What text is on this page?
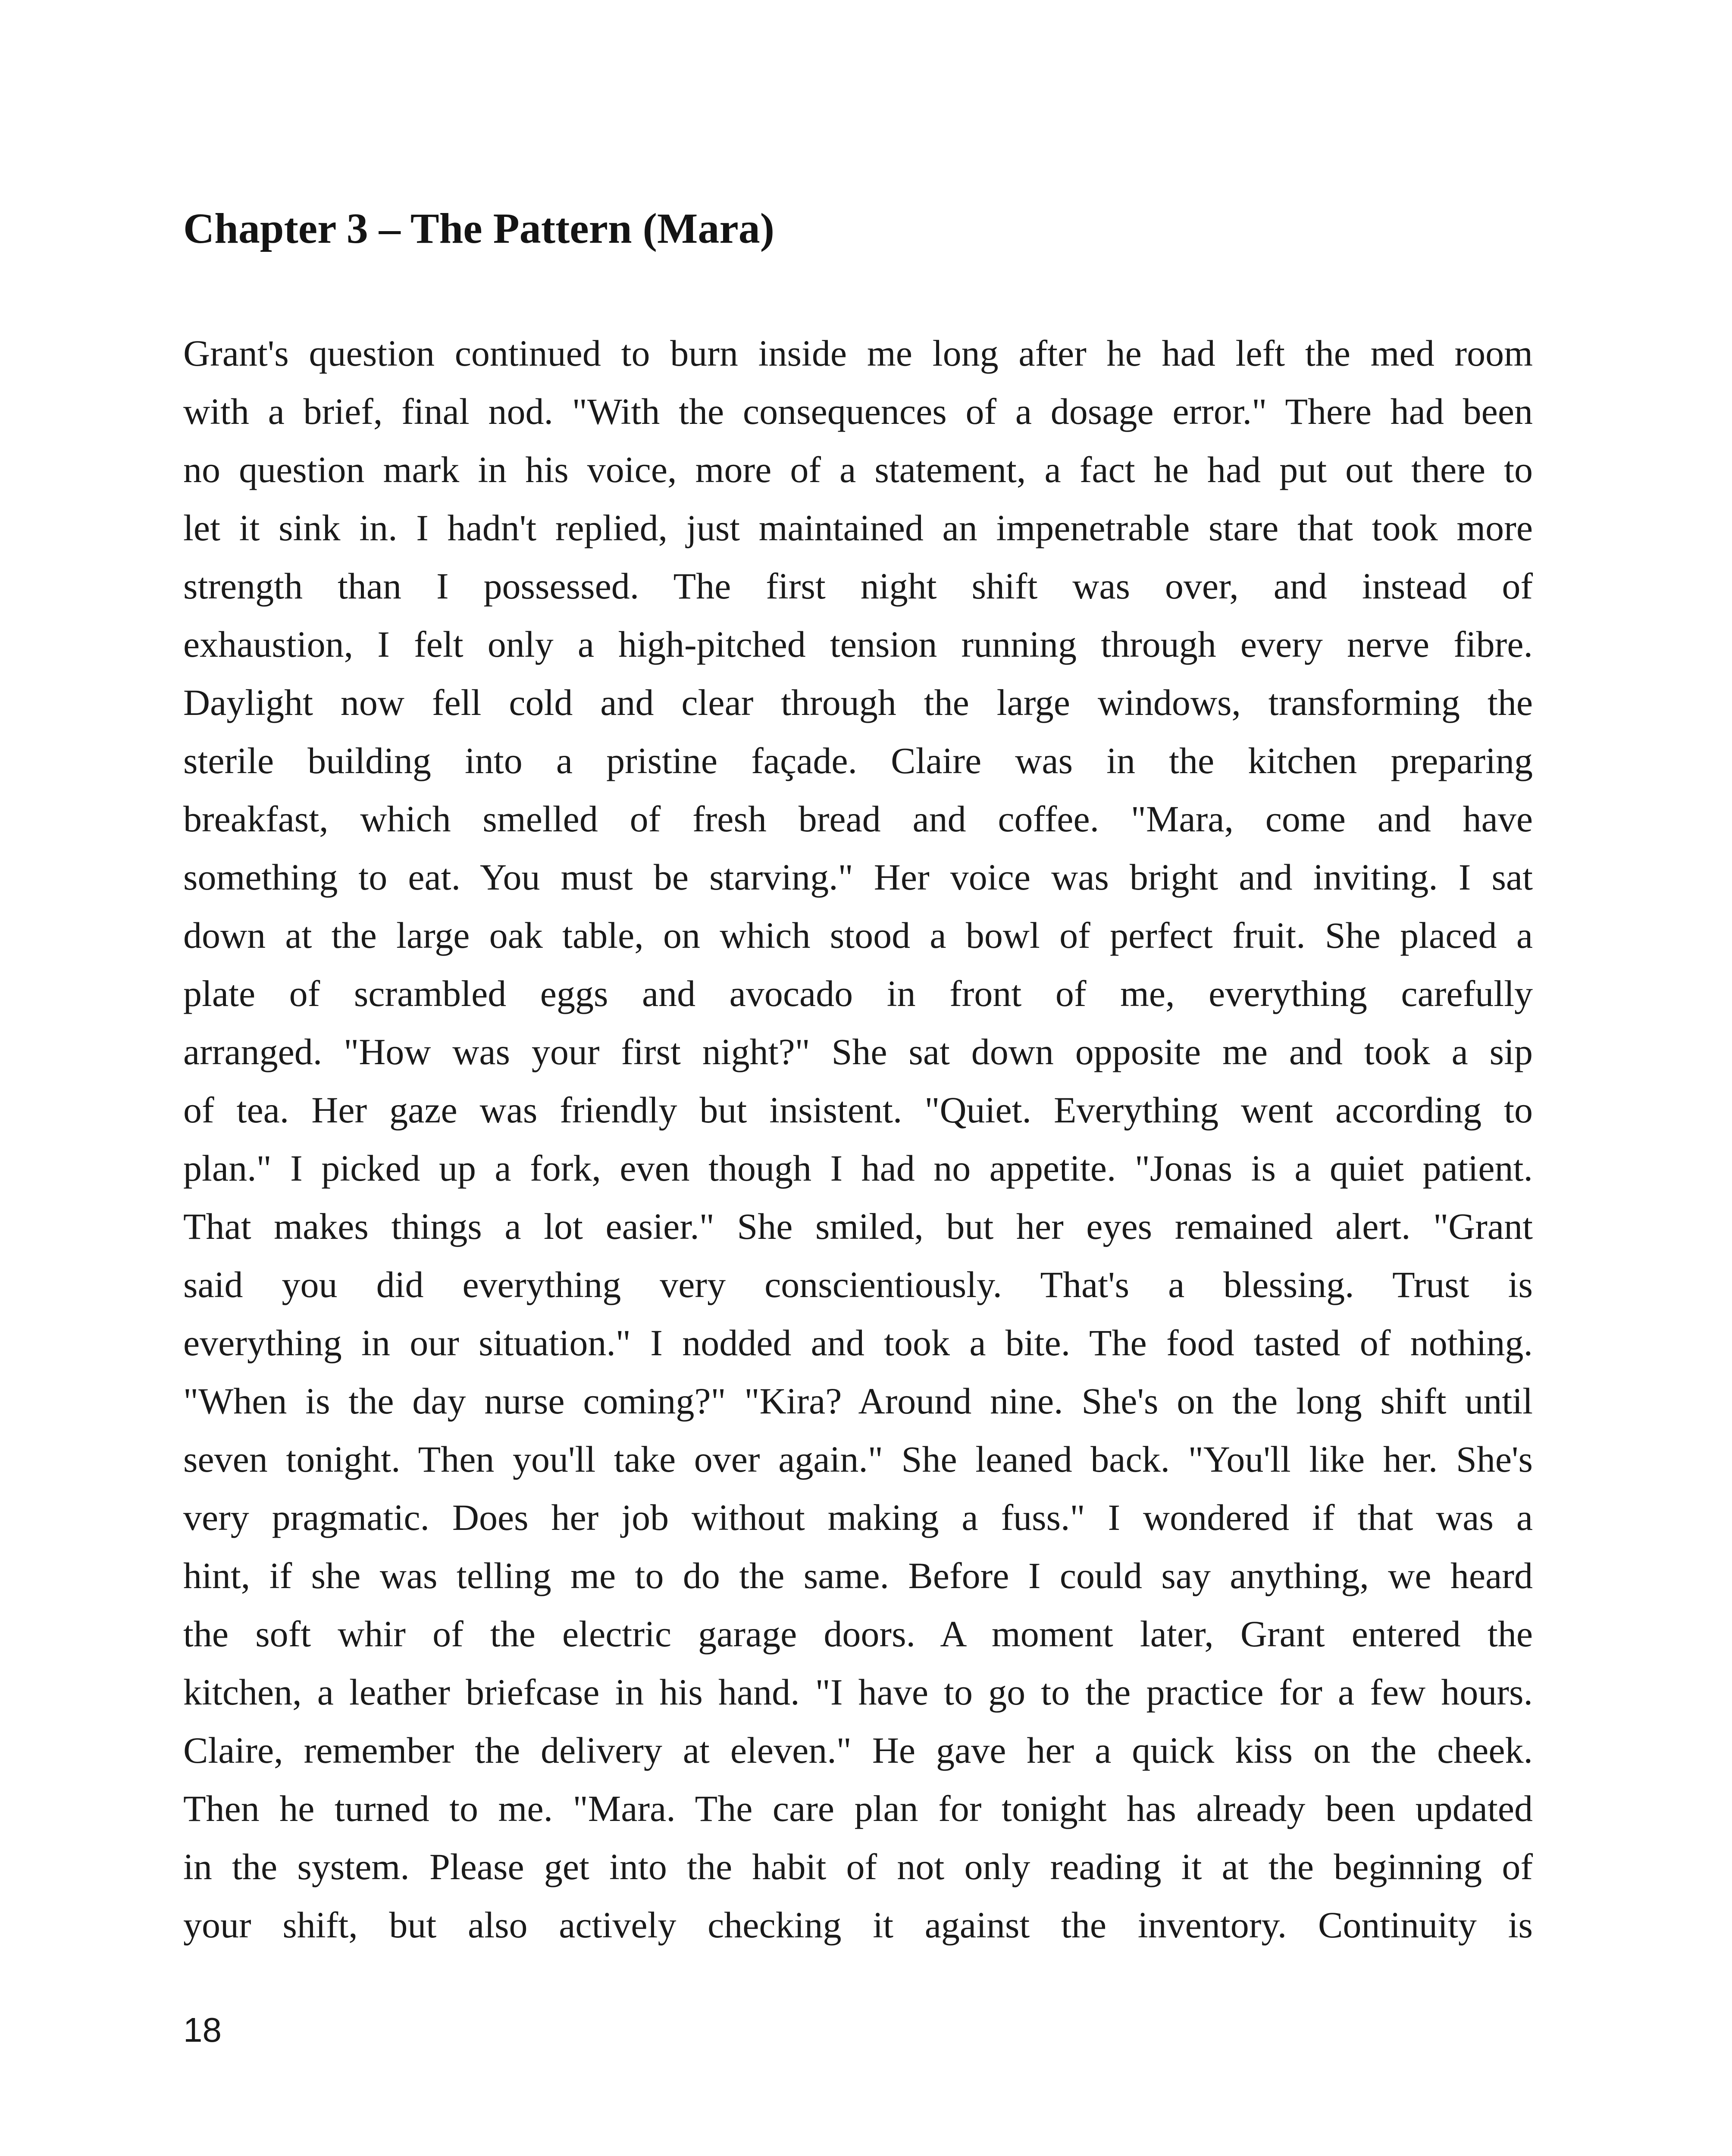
Chapter 3 – The Pattern (Mara)
Grant's question continued to burn inside me long after he had left the med room
with a brief, final nod. "With the consequences of a dosage error." There had been
no question mark in his voice, more of a statement, a fact he had put out there to
let it sink in. I hadn't replied, just maintained an impenetrable stare that took more
strength than I possessed. The first night shift was over, and instead of
exhaustion, I felt only a high-pitched tension running through every nerve fibre.
Daylight now fell cold and clear through the large windows, transforming the
sterile building into a pristine façade. Claire was in the kitchen preparing
breakfast, which smelled of fresh bread and coffee. "Mara, come and have
something to eat. You must be starving." Her voice was bright and inviting. I sat
down at the large oak table, on which stood a bowl of perfect fruit. She placed a
plate of scrambled eggs and avocado in front of me, everything carefully
arranged. "How was your first night?" She sat down opposite me and took a sip
of tea. Her gaze was friendly but insistent. "Quiet. Everything went according to
plan." I picked up a fork, even though I had no appetite. "Jonas is a quiet patient.
That makes things a lot easier." She smiled, but her eyes remained alert. "Grant
said you did everything very conscientiously. That's a blessing. Trust is
everything in our situation." I nodded and took a bite. The food tasted of nothing.
"When is the day nurse coming?" "Kira? Around nine. She's on the long shift until
seven tonight. Then you'll take over again." She leaned back. "You'll like her. She's
very pragmatic. Does her job without making a fuss." I wondered if that was a
hint, if she was telling me to do the same. Before I could say anything, we heard
the soft whir of the electric garage doors. A moment later, Grant entered the
kitchen, a leather briefcase in his hand. "I have to go to the practice for a few hours.
Claire, remember the delivery at eleven." He gave her a quick kiss on the cheek.
Then he turned to me. "Mara. The care plan for tonight has already been updated
in the system. Please get into the habit of not only reading it at the beginning of
your shift, but also actively checking it against the inventory. Continuity is
18
